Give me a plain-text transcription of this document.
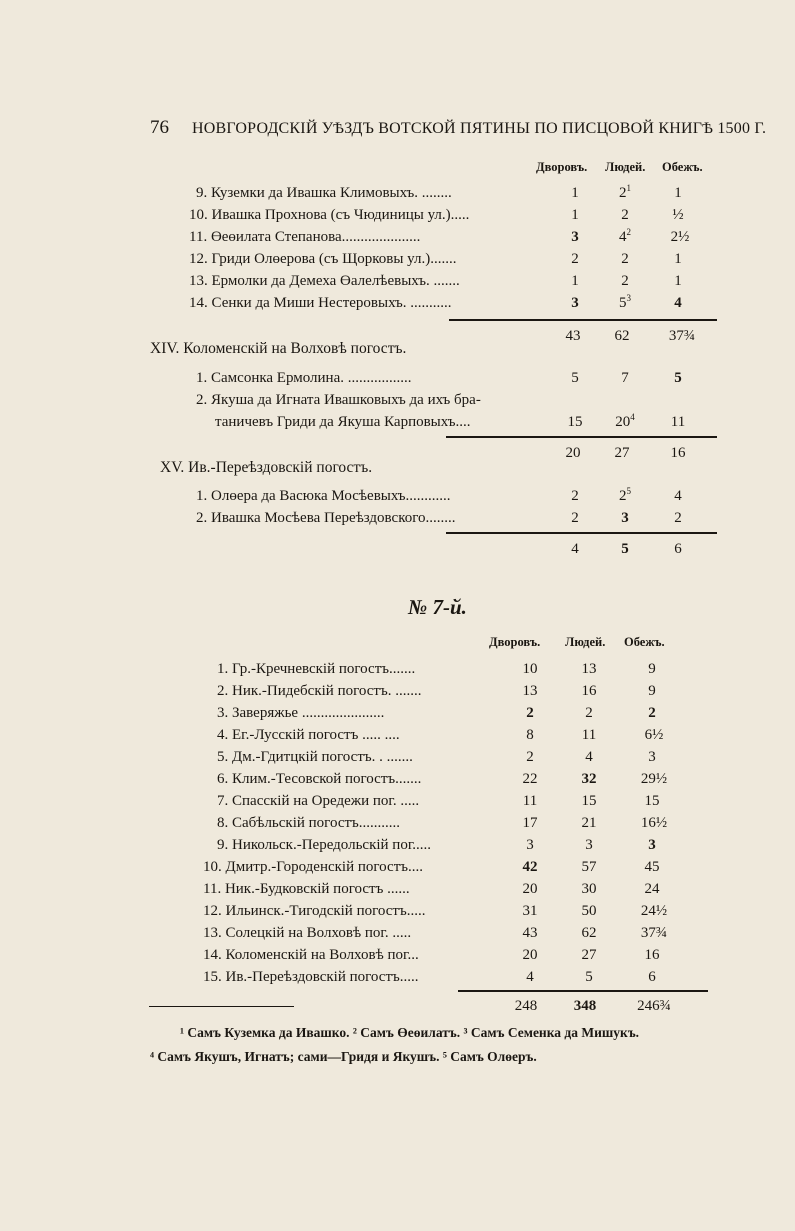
76 НОВГОРОДСКІЙ УѢЗДЪ ВОТСКОЙ ПЯТИНЫ ПО ПИСЦОВОЙ КНИГѢ 1500 Г.
Дворовъ. Людей. Обежъ.
9. Куземки да Ивашка Климовыхъ. ........	1	$2^1$	1
10. Ивашка Прохнова (съ Чюдиницы ул.).....	1	2	½
11. Өеөилата Степанова.....................	3	$4^2$	2½
12. Гриди Олөерова (съ Щорковы ул.).......	2	2	1
13. Ермолки да Демеха Өалелѣевыхъ. .......	1	2	1
14. Сенки да Миши Нестеровыхъ. ...........	3	$5^3$	4
43	62	37¾
XIV. Коломенскій на Волховѣ погостъ.
1. Самсонка Ермолина. .................	5	7	5
2. Якуша да Игната Ивашковыхъ да ихъ бра-
таничевъ Гриди да Якуша Карповыхъ....	15	$20^4$	11
20	27	16
XV. Ив.-Переѣздовскій погостъ.
1. Олөера да Васюка Мосѣевыхъ............	2	$2^5$	4
2. Ивашка Мосѣева Переѣздовского........	2	3	2
4	5	6
№ 7-й.
Дворовъ. Людей. Обежъ.
1. Гр.-Кречневскій погостъ.......	10	13	9
2. Ник.-Пидебскій погостъ. .......	13	16	9
3. Заверяжье ......................	2	2	2
4. Ег.-Лусскій погостъ ..... ....	8	11	6½
5. Дм.-Гдитцкій погостъ. . .......	2	4	3
6. Клим.-Тесовской погостъ.......	22	32	29½
7. Спасскій на Оредежи пог. .....	11	15	15
8. Сабѣльскій погостъ...........	17	21	16½
9. Никольск.-Передольскій пог.....	3	3	3
10. Дмитр.-Городенскій погостъ....	42	57	45
11. Ник.-Будковскій погостъ ......	20	30	24
12. Ильинск.-Тигодскій погостъ.....	31	50	24½
13. Солецкій на Волховѣ пог. .....	43	62	37¾
14. Коломенскій на Волховѣ пог...	20	27	16
15. Ив.-Переѣздовскій погостъ.....	4	5	6
248	348	246¾
¹ Самъ Куземка да Ивашко. ² Самъ Өеөилатъ. ³ Самъ Семенка да Мишукъ.
⁴ Самъ Якушъ, Игнатъ; сами—Гридя и Якушъ. ⁵ Самъ Олөеръ.
